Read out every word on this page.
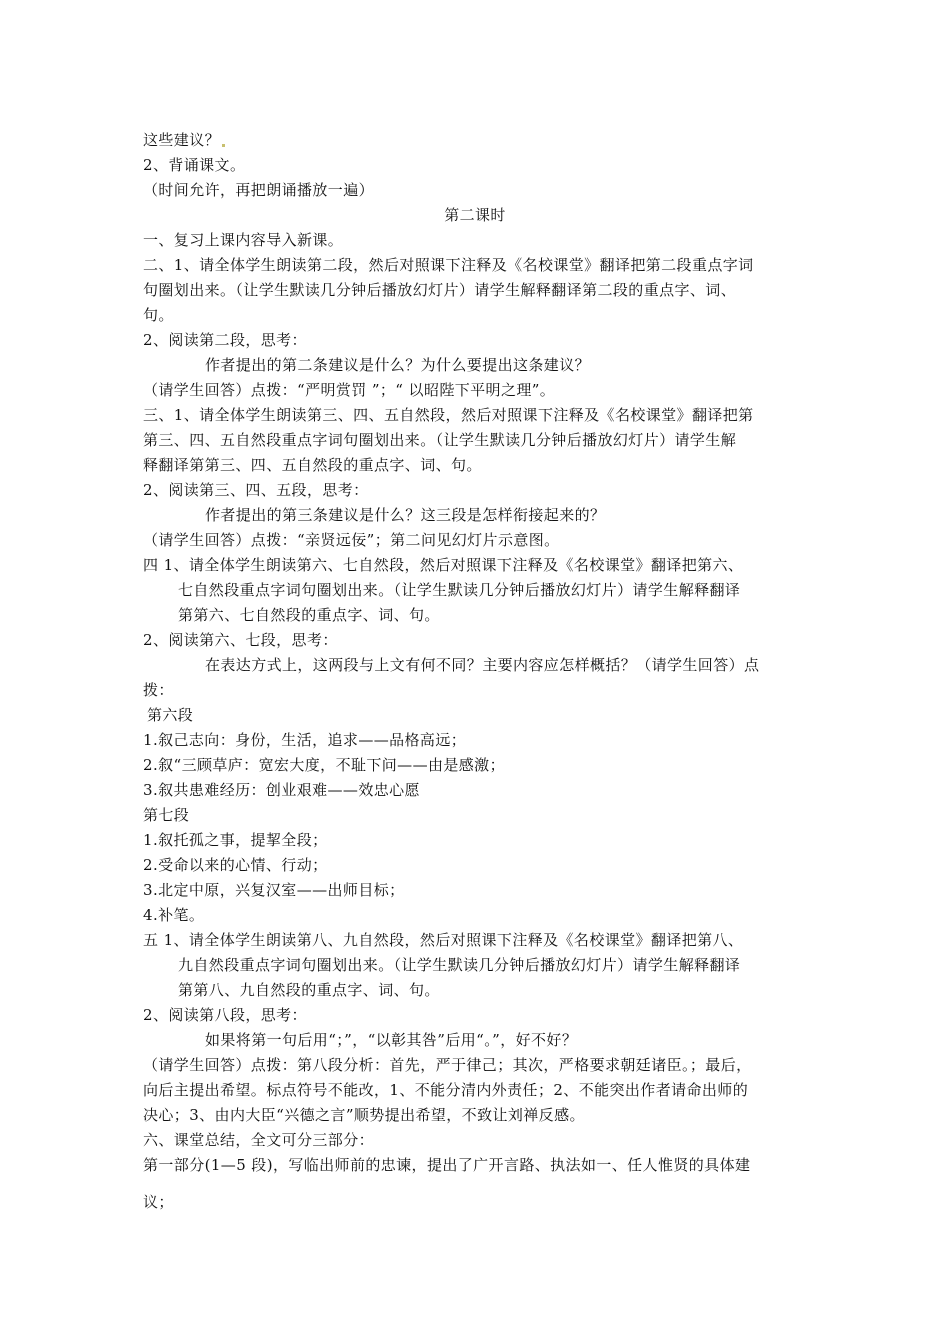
这些建议？
2、背诵课文。
（时间允许，再把朗诵播放一遍）
第二课时
一、复习上课内容导入新课。
二、1、请全体学生朗读第二段，然后对照课下注释及《名校课堂》翻译把第二段重点字词
句圈划出来。（让学生默读几分钟后播放幻灯片）请学生解释翻译第二段的重点字、词、
句。
2、阅读第二段，思考：
作者提出的第二条建议是什么？为什么要提出这条建议？
（请学生回答）点拨：“严明赏罚 ”；“ 以昭陛下平明之理”。
三、1、请全体学生朗读第三、四、五自然段，然后对照课下注释及《名校课堂》翻译把第
第三、四、五自然段重点字词句圈划出来。（让学生默读几分钟后播放幻灯片）请学生解
释翻译第第三、四、五自然段的重点字、词、句。
2、阅读第三、四、五段，思考：
作者提出的第三条建议是什么？这三段是怎样衔接起来的？
（请学生回答）点拨：“亲贤远佞”；第二问见幻灯片示意图。
四 1、请全体学生朗读第六、七自然段，然后对照课下注释及《名校课堂》翻译把第六、
七自然段重点字词句圈划出来。（让学生默读几分钟后播放幻灯片）请学生解释翻译
第第六、七自然段的重点字、词、句。
2、阅读第六、七段，思考：
在表达方式上，这两段与上文有何不同？主要内容应怎样概括？（请学生回答）点
拨：
第六段
1.叙己志向：身份，生活，追求——品格高远；
2.叙“三顾草庐：宽宏大度，不耻下问——由是感激；
3.叙共患难经历：创业艰难——效忠心愿
第七段
1.叙托孤之事，提挈全段；
2.受命以来的心情、行动；
3.北定中原，兴复汉室——出师目标；
4.补笔。
五 1、请全体学生朗读第八、九自然段，然后对照课下注释及《名校课堂》翻译把第八、
九自然段重点字词句圈划出来。（让学生默读几分钟后播放幻灯片）请学生解释翻译
第第八、九自然段的重点字、词、句。
2、阅读第八段，思考：
如果将第一句后用“；”，“以彰其咎”后用“。”，好不好？
（请学生回答）点拨：第八段分析：首先，严于律己；其次，严格要求朝廷诸臣。；最后，
向后主提出希望。标点符号不能改，1、不能分清内外责任；2、不能突出作者请命出师的
决心；3、由内大臣“兴德之言”顺势提出希望，不致让刘禅反感。
六、课堂总结，全文可分三部分：
第一部分(1—5 段)，写临出师前的忠谏，提出了广开言路、执法如一、任人惟贤的具体建
议；
